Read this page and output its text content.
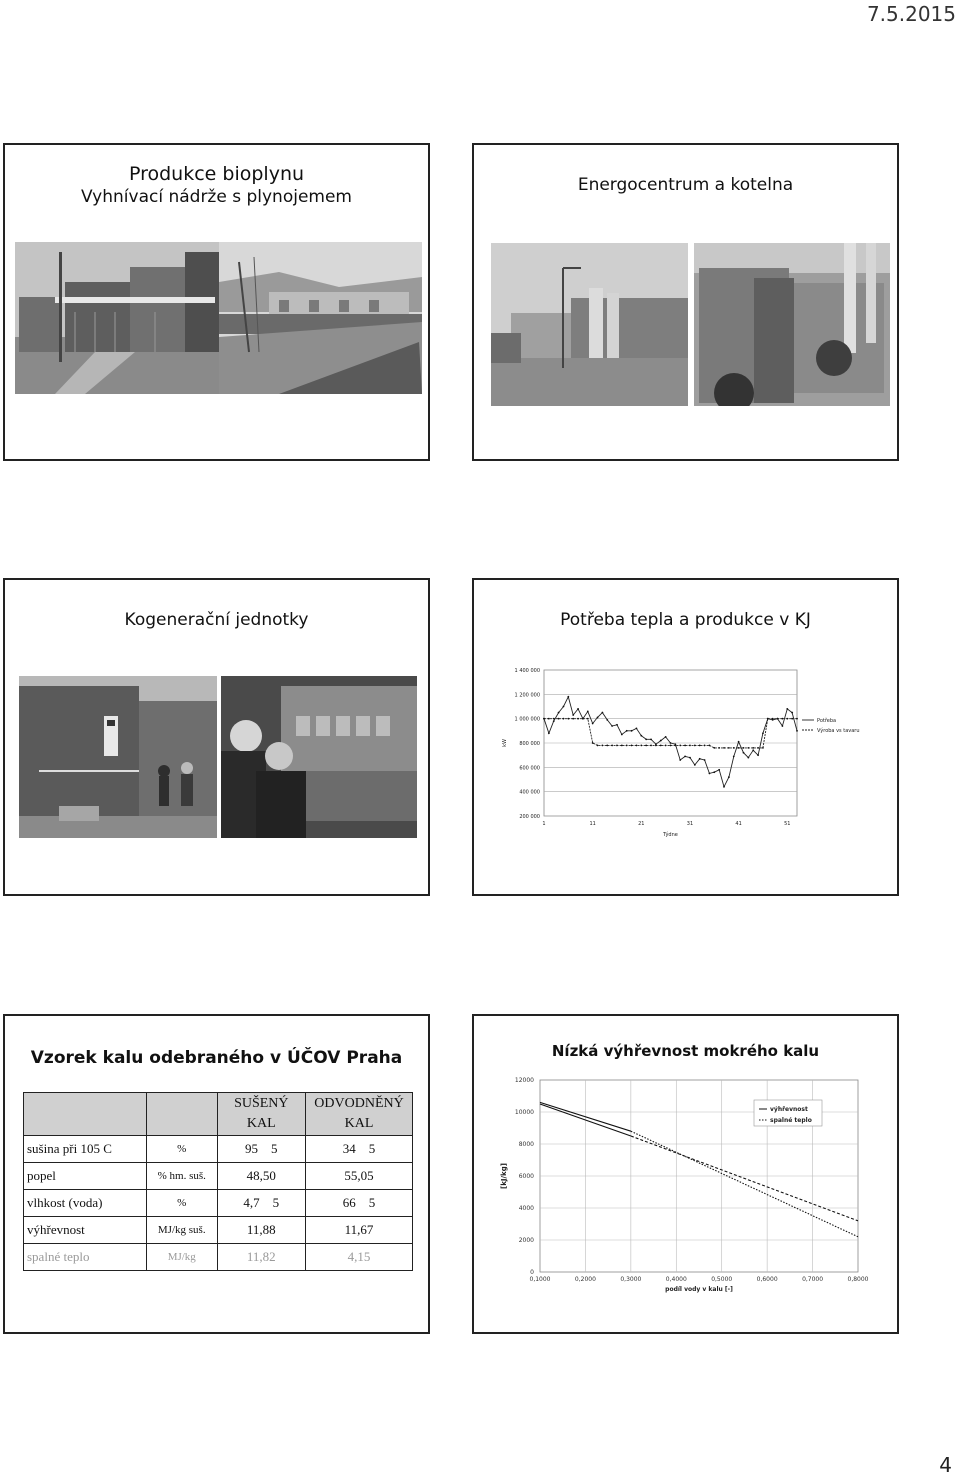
7.5.2015
Produkce bioplynu
Vyhnívací nádrže s plynojemem
Energocentrum a kotelna
Kogenerační jednotky	Potřeba tepla a produkce v KJ
200 000
400 000
600 000
800 000
1 000 000
1 200 000
1 400 000
1	11	21	31	41	51
Týdne
kW
Potřeba
Výroba vs tavaru
Vzorek kalu odebraného v ÚČOV Praha

		SUŠENÝ KAL	ODVODNĚNÝ KAL

sušina při 105 C	%	95    5	34    5
popel	% hm. suš.	48,50	55,05
vlhkost (voda)	%	4,7    5	66    5
výhřevnost	MJ/kg suš.	11,88	11,67
spalné teplo	MJ/kg	11,82	4,15
Nízká výhřevnost mokrého kalu
0
2000
4000
6000
8000
10000
12000
0,1000	0,2000	0,3000	0,4000	0,5000	0,6000	0,7000	0,8000
podíl vody v kalu [-]
[kJ/kg]
výhřevnost
spalné teplo
4
